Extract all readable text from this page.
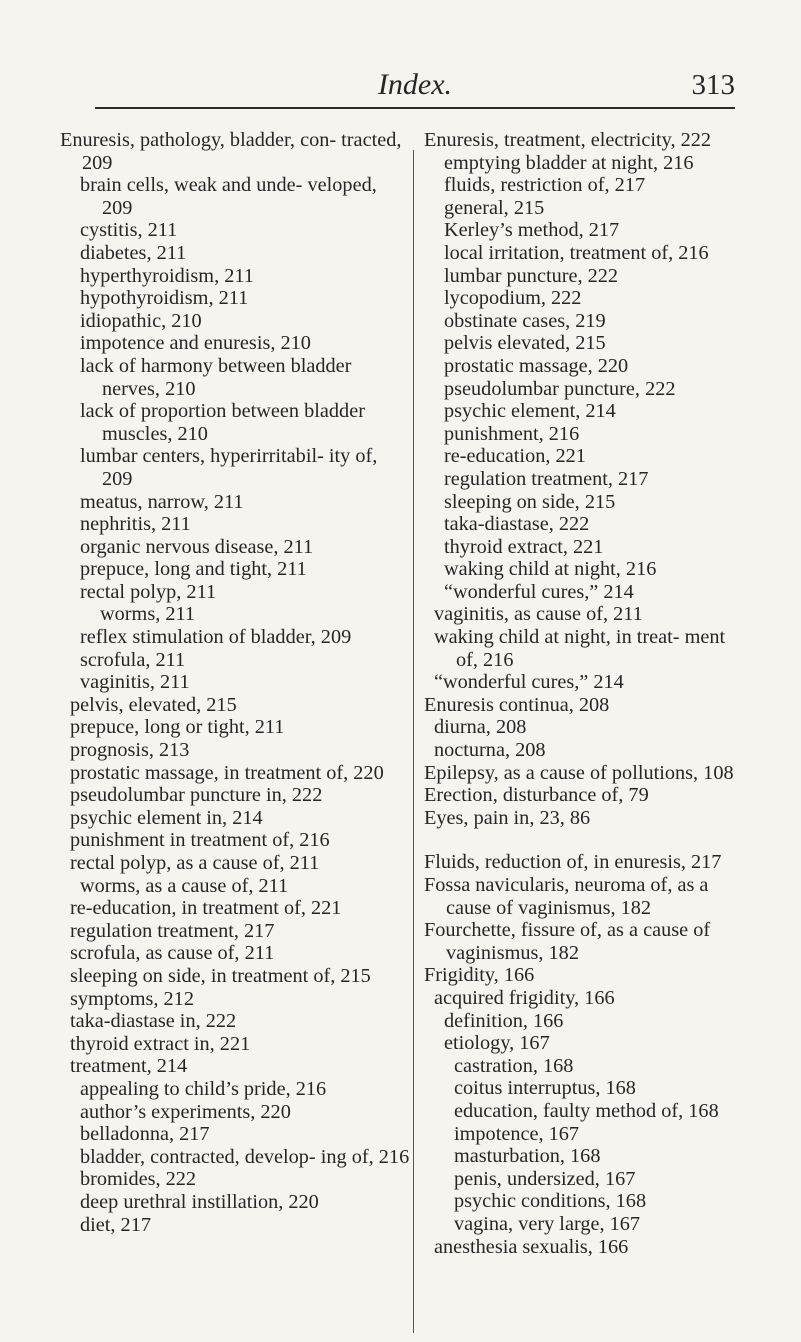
Index.	313
Enuresis, pathology, bladder, con- tracted, 209
brain cells, weak and unde- veloped, 209
cystitis, 211
diabetes, 211
hyperthyroidism, 211
hypothyroidism, 211
idiopathic, 210
impotence and enuresis, 210
lack of harmony between bladder nerves, 210
lack of proportion between bladder muscles, 210
lumbar centers, hyperirritabil- ity of, 209
meatus, narrow, 211
nephritis, 211
organic nervous disease, 211
prepuce, long and tight, 211
rectal polyp, 211
worms, 211
reflex stimulation of bladder, 209
scrofula, 211
vaginitis, 211
pelvis, elevated, 215
prepuce, long or tight, 211
prognosis, 213
prostatic massage, in treatment of, 220
pseudolumbar puncture in, 222
psychic element in, 214
punishment in treatment of, 216
rectal polyp, as a cause of, 211
worms, as a cause of, 211
re-education, in treatment of, 221
regulation treatment, 217
scrofula, as cause of, 211
sleeping on side, in treatment of, 215
symptoms, 212
taka-diastase in, 222
thyroid extract in, 221
treatment, 214
appealing to child’s pride, 216
author’s experiments, 220
belladonna, 217
bladder, contracted, develop- ing of, 216
bromides, 222
deep urethral instillation, 220
diet, 217
Enuresis, treatment, electricity, 222
emptying bladder at night, 216
fluids, restriction of, 217
general, 215
Kerley’s method, 217
local irritation, treatment of, 216
lumbar puncture, 222
lycopodium, 222
obstinate cases, 219
pelvis elevated, 215
prostatic massage, 220
pseudolumbar puncture, 222
psychic element, 214
punishment, 216
re-education, 221
regulation treatment, 217
sleeping on side, 215
taka-diastase, 222
thyroid extract, 221
waking child at night, 216
“wonderful cures,” 214
vaginitis, as cause of, 211
waking child at night, in treat- ment of, 216
“wonderful cures,” 214
Enuresis continua, 208
diurna, 208
nocturna, 208
Epilepsy, as a cause of pollutions, 108
Erection, disturbance of, 79
Eyes, pain in, 23, 86
Fluids, reduction of, in enuresis, 217
Fossa navicularis, neuroma of, as a cause of vaginismus, 182
Fourchette, fissure of, as a cause of vaginismus, 182
Frigidity, 166
acquired frigidity, 166
definition, 166
etiology, 167
castration, 168
coitus interruptus, 168
education, faulty method of, 168
impotence, 167
masturbation, 168
penis, undersized, 167
psychic conditions, 168
vagina, very large, 167
anesthesia sexualis, 166
